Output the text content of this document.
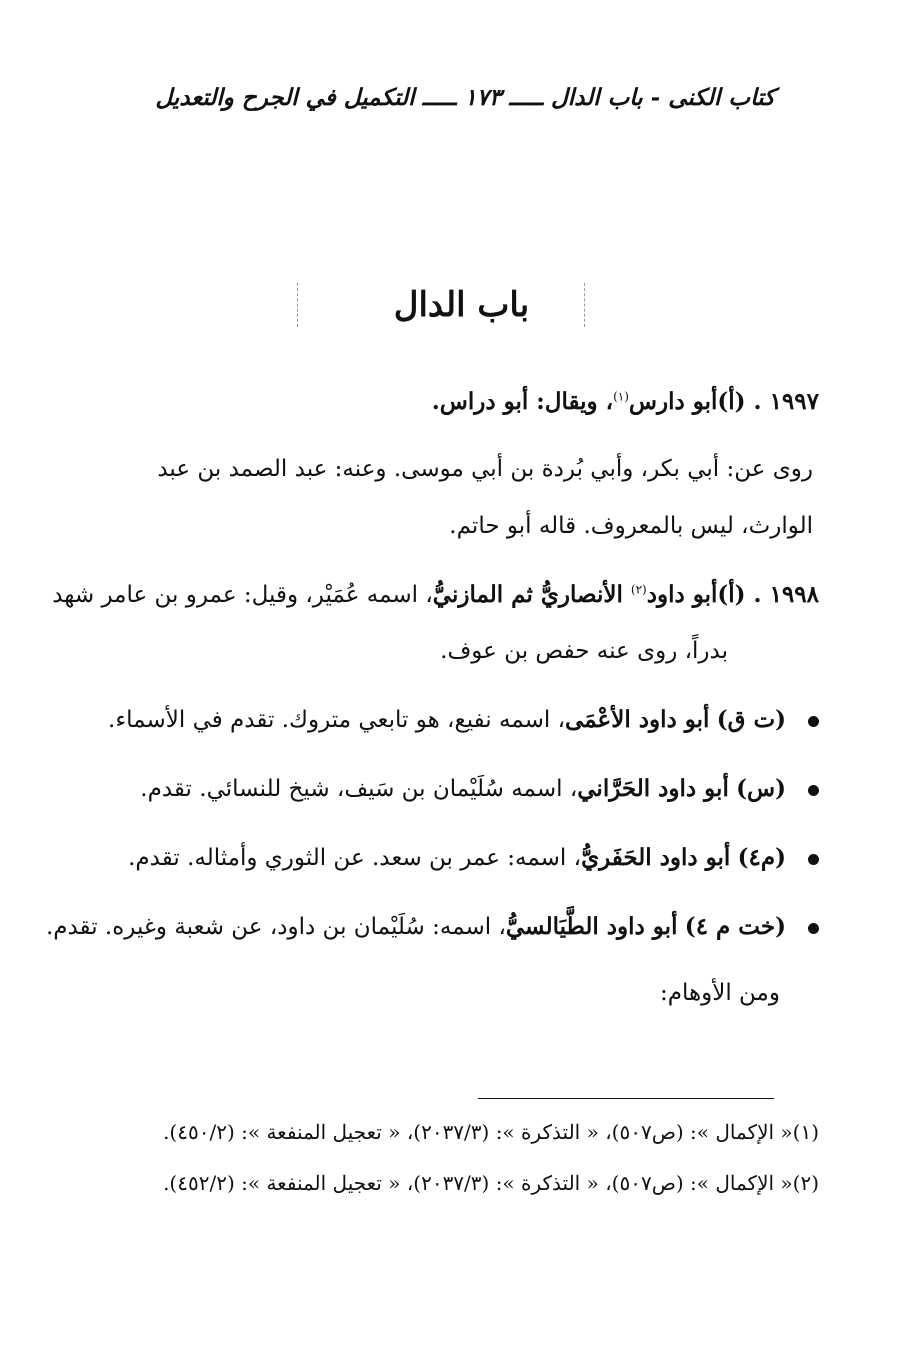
كتاب الكنى - باب الدال ـــــ ١٧٣ ـــــ التكميل في الجرح والتعديل
باب الدال
١٩٩٧ . (أ)أبو دارس$^{(١)}$، ويقال: أبو دراس.
روى عن: أبي بكر، وأبي بُردة بن أبي موسى. وعنه: عبد الصمد بن عبد
الوارث، ليس بالمعروف. قاله أبو حاتم.
١٩٩٨ . (أ)أبو داود$^{(٢)}$ الأنصاريُّ ثم المازنيُّ، اسمه عُمَيْر، وقيل: عمرو بن عامر شهد
بدراً، روى عنه حفص بن عوف.
(ت ق) أبو داود الأعْمَى، اسمه نفيع، هو تابعي متروك. تقدم في الأسماء.
(س) أبو داود الحَرَّاني، اسمه سُلَيْمان بن سَيف، شيخ للنسائي. تقدم.
(م٤) أبو داود الحَفَريُّ، اسمه: عمر بن سعد. عن الثوري وأمثاله. تقدم.
(خت م ٤) أبو داود الطَّيَالسيُّ، اسمه: سُلَيْمان بن داود، عن شعبة وغيره. تقدم.
ومن الأوهام:
(١)« الإكمال »: (ص٥٠٧)، « التذكرة »: (٢٠٣٧/٣)، « تعجيل المنفعة »: (٤٥٠/٢).
(٢)« الإكمال »: (ص٥٠٧)، « التذكرة »: (٢٠٣٧/٣)، « تعجيل المنفعة »: (٤٥٢/٢).
